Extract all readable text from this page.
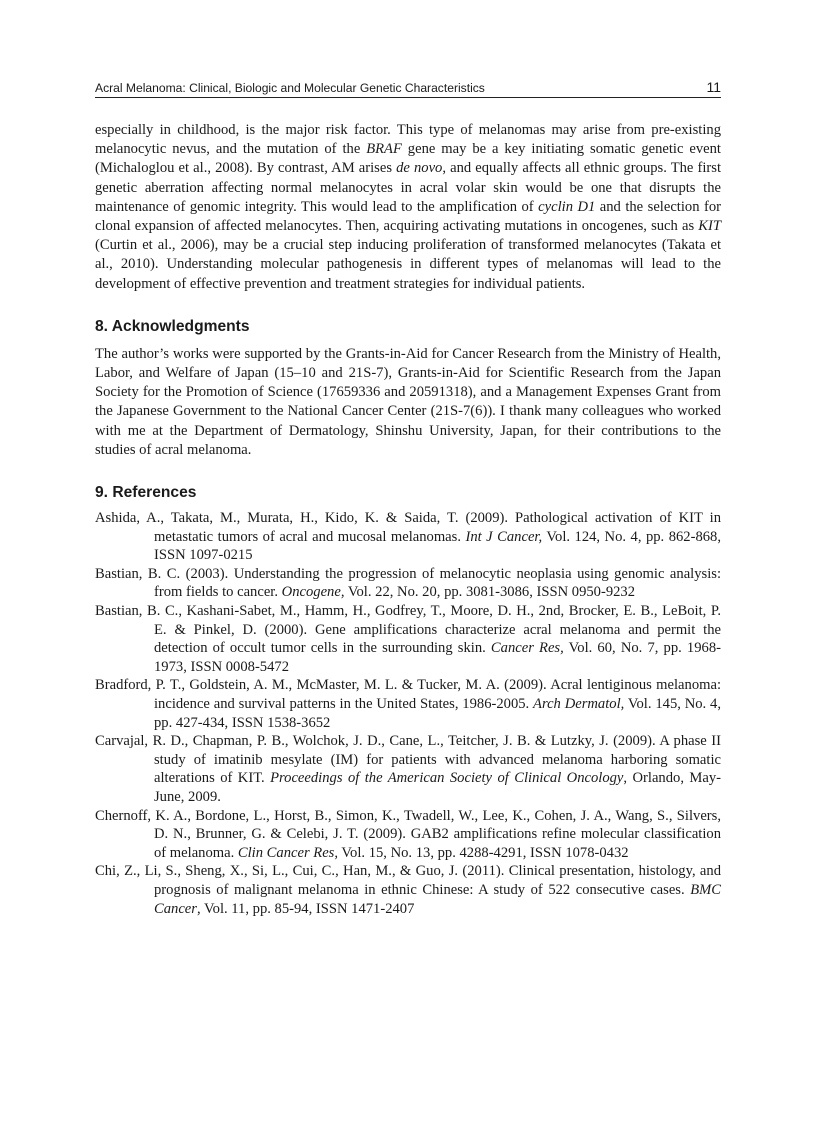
Acral Melanoma: Clinical, Biologic and Molecular Genetic Characteristics	11

especially in childhood, is the major risk factor. This type of melanomas may arise from pre-existing melanocytic nevus, and the mutation of the BRAF gene may be a key initiating somatic genetic event (Michaloglou et al., 2008). By contrast, AM arises de novo, and equally affects all ethnic groups. The first genetic aberration affecting normal melanocytes in acral volar skin would be one that disrupts the maintenance of genomic integrity. This would lead to the amplification of cyclin D1 and the selection for clonal expansion of affected melanocytes. Then, acquiring activating mutations in oncogenes, such as KIT (Curtin et al., 2006), may be a crucial step inducing proliferation of transformed melanocytes (Takata et al., 2010). Understanding molecular pathogenesis in different types of melanomas will lead to the development of effective prevention and treatment strategies for individual patients.

8. Acknowledgments

The author’s works were supported by the Grants-in-Aid for Cancer Research from the Ministry of Health, Labor, and Welfare of Japan (15–10 and 21S-7), Grants-in-Aid for Scientific Research from the Japan Society for the Promotion of Science (17659336 and 20591318), and a Management Expenses Grant from the Japanese Government to the National Cancer Center (21S-7(6)). I thank many colleagues who worked with me at the Department of Dermatology, Shinshu University, Japan, for their contributions to the studies of acral melanoma.

9. References
Ashida, A., Takata, M., Murata, H., Kido, K. & Saida, T. (2009). Pathological activation of KIT in metastatic tumors of acral and mucosal melanomas. Int J Cancer, Vol. 124, No. 4, pp. 862-868, ISSN 1097-0215
Bastian, B. C. (2003). Understanding the progression of melanocytic neoplasia using genomic analysis: from fields to cancer. Oncogene, Vol. 22, No. 20, pp. 3081-3086, ISSN 0950-9232
Bastian, B. C., Kashani-Sabet, M., Hamm, H., Godfrey, T., Moore, D. H., 2nd, Brocker, E. B., LeBoit, P. E. & Pinkel, D. (2000). Gene amplifications characterize acral melanoma and permit the detection of occult tumor cells in the surrounding skin. Cancer Res, Vol. 60, No. 7, pp. 1968-1973, ISSN 0008-5472
Bradford, P. T., Goldstein, A. M., McMaster, M. L. & Tucker, M. A. (2009). Acral lentiginous melanoma: incidence and survival patterns in the United States, 1986-2005. Arch Dermatol, Vol. 145, No. 4, pp. 427-434, ISSN 1538-3652
Carvajal, R. D., Chapman, P. B., Wolchok, J. D., Cane, L., Teitcher, J. B. & Lutzky, J. (2009). A phase II study of imatinib mesylate (IM) for patients with advanced melanoma harboring somatic alterations of KIT. Proceedings of the American Society of Clinical Oncology, Orlando, May-June, 2009.
Chernoff, K. A., Bordone, L., Horst, B., Simon, K., Twadell, W., Lee, K., Cohen, J. A., Wang, S., Silvers, D. N., Brunner, G. & Celebi, J. T. (2009). GAB2 amplifications refine molecular classification of melanoma. Clin Cancer Res, Vol. 15, No. 13, pp. 4288-4291, ISSN 1078-0432
Chi, Z., Li, S., Sheng, X., Si, L., Cui, C., Han, M., & Guo, J. (2011). Clinical presentation, histology, and prognosis of malignant melanoma in ethnic Chinese: A study of 522 consecutive cases. BMC Cancer, Vol. 11, pp. 85-94, ISSN 1471-2407
